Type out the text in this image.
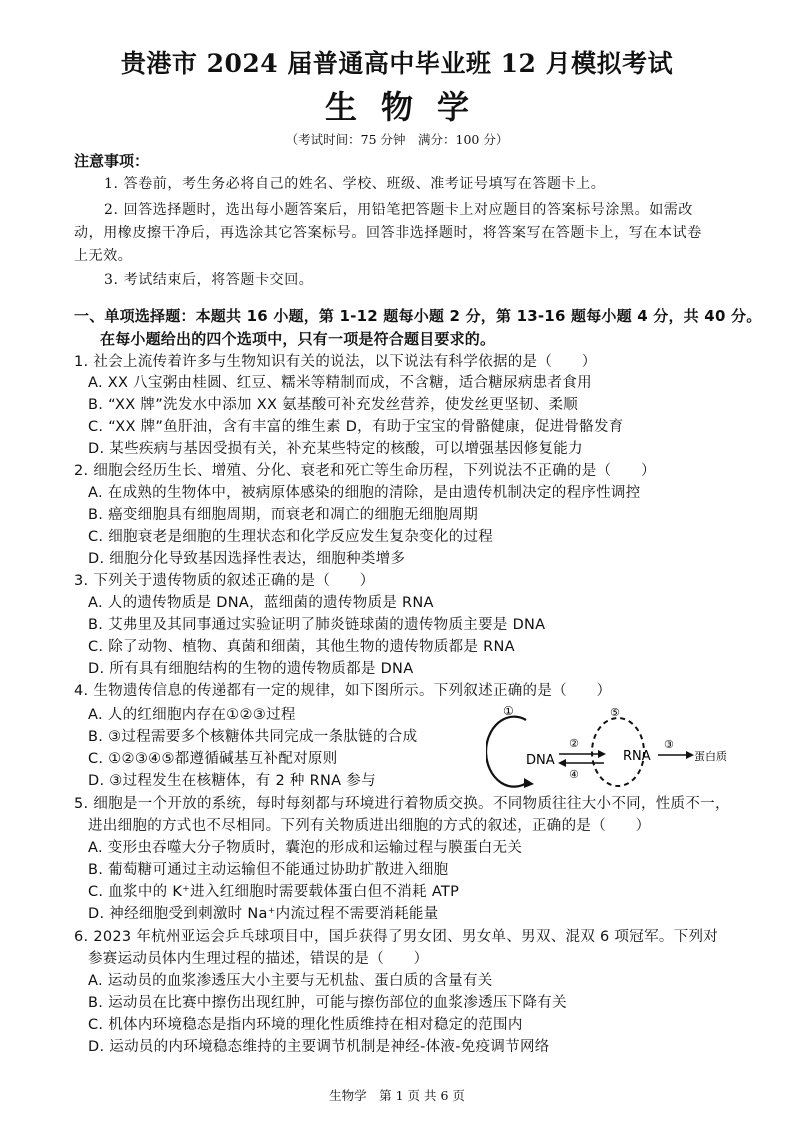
贵港市 2024 届普通高中毕业班 12 月模拟考试
生物学
（考试时间：75 分钟　满分：100 分）
注意事项：
1. 答卷前，考生务必将自己的姓名、学校、班级、准考证号填写在答题卡上。
2. 回答选择题时，选出每小题答案后，用铅笔把答题卡上对应题目的答案标号涂黑。如需改
动，用橡皮擦干净后，再选涂其它答案标号。回答非选择题时，将答案写在答题卡上，写在本试卷
上无效。
3. 考试结束后，将答题卡交回。
一、单项选择题：本题共 16 小题，第 1-12 题每小题 2 分，第 13-16 题每小题 4 分，共 40 分。
在每小题给出的四个选项中，只有一项是符合题目要求的。
1. 社会上流传着许多与生物知识有关的说法，以下说法有科学依据的是（　　）
A. XX 八宝粥由桂圆、红豆、糯米等精制而成，不含糖，适合糖尿病患者食用
B. “XX 牌”洗发水中添加 XX 氨基酸可补充发丝营养，使发丝更坚韧、柔顺
C. “XX 牌”鱼肝油，含有丰富的维生素 D，有助于宝宝的骨骼健康，促进骨骼发育
D. 某些疾病与基因受损有关，补充某些特定的核酸，可以增强基因修复能力
2. 细胞会经历生长、增殖、分化、衰老和死亡等生命历程，下列说法不正确的是（　　）
A. 在成熟的生物体中，被病原体感染的细胞的清除，是由遗传机制决定的程序性调控
B. 癌变细胞具有细胞周期，而衰老和凋亡的细胞无细胞周期
C. 细胞衰老是细胞的生理状态和化学反应发生复杂变化的过程
D. 细胞分化导致基因选择性表达，细胞种类增多
3. 下列关于遗传物质的叙述正确的是（　　）
A. 人的遗传物质是 DNA，蓝细菌的遗传物质是 RNA
B. 艾弗里及其同事通过实验证明了肺炎链球菌的遗传物质主要是 DNA
C. 除了动物、植物、真菌和细菌，其他生物的遗传物质都是 RNA
D. 所有具有细胞结构的生物的遗传物质都是 DNA
4. 生物遗传信息的传递都有一定的规律，如下图所示。下列叙述正确的是（　　）
A. 人的红细胞内存在①②③过程
B. ③过程需要多个核糖体共同完成一条肽链的合成
C. ①②③④⑤都遵循碱基互补配对原则
D. ③过程发生在核糖体，有 2 种 RNA 参与
①
DNA
②
④
⑤
RNA
③
蛋白质
5. 细胞是一个开放的系统，每时每刻都与环境进行着物质交换。不同物质往往大小不同，性质不一，
进出细胞的方式也不尽相同。下列有关物质进出细胞的方式的叙述，正确的是（　　）
A. 变形虫吞噬大分子物质时，囊泡的形成和运输过程与膜蛋白无关
B. 葡萄糖可通过主动运输但不能通过协助扩散进入细胞
C. 血浆中的 K⁺进入红细胞时需要载体蛋白但不消耗 ATP
D. 神经细胞受到刺激时 Na⁺内流过程不需要消耗能量
6. 2023 年杭州亚运会乒乓球项目中，国乒获得了男女团、男女单、男双、混双 6 项冠军。下列对
参赛运动员体内生理过程的描述，错误的是（　　）
A. 运动员的血浆渗透压大小主要与无机盐、蛋白质的含量有关
B. 运动员在比赛中擦伤出现红肿，可能与擦伤部位的血浆渗透压下降有关
C. 机体内环境稳态是指内环境的理化性质维持在相对稳定的范围内
D. 运动员的内环境稳态维持的主要调节机制是神经-体液-免疫调节网络
生物学　第 1 页 共 6 页
